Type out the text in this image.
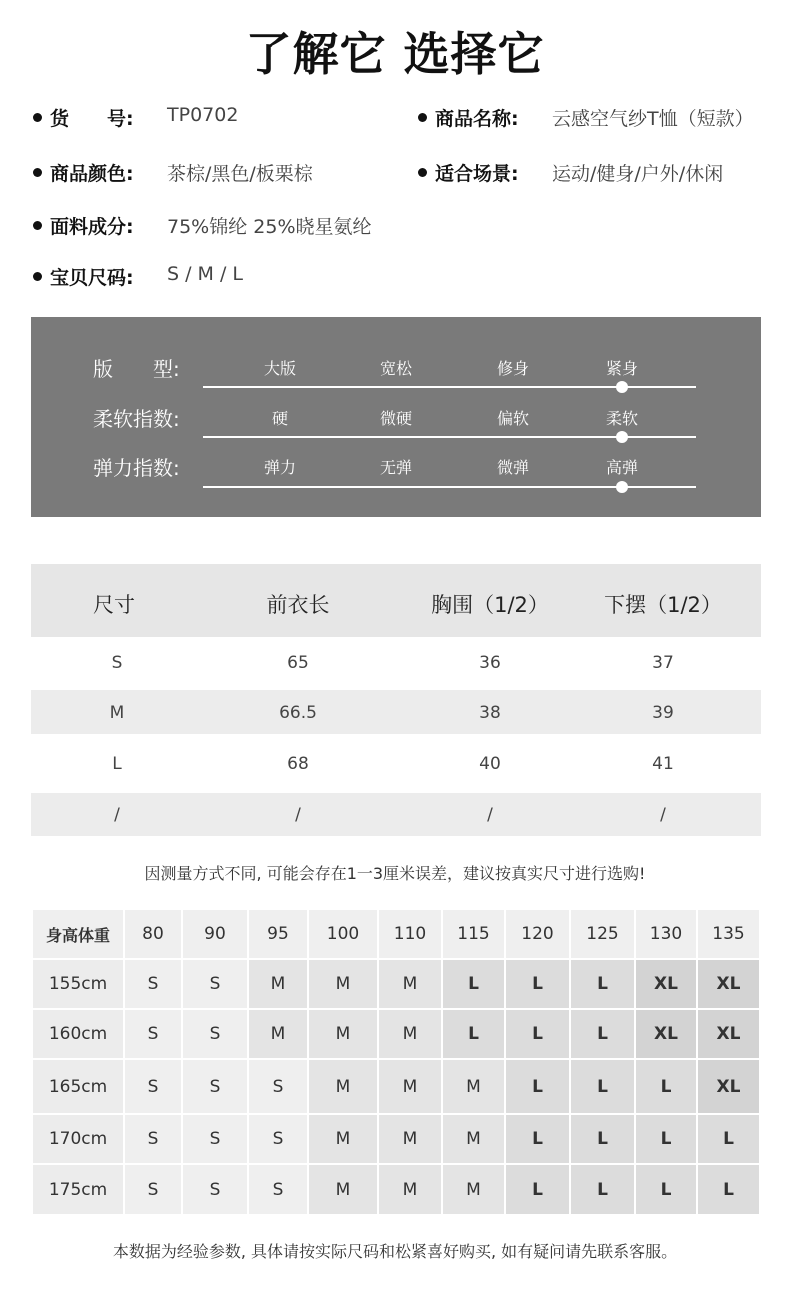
了解它 选择它
货　　号: TP0702	商品名称: 云感空气纱T恤（短款）
商品颜色: 茶棕/黑色/板栗棕	适合场景: 运动/健身/户外/休闲
面料成分: 75%锦纶 25%晓星氨纶
宝贝尺码: S / M / L
版　　型:	大版	宽松	修身	紧身
柔软指数:	硬	微硬	偏软	柔软
弹力指数:	弹力	无弹	微弹	高弹
尺寸	前衣长	胸围（1/2）	下摆（1/2）
S	65	36	37
M	66.5	38	39
L	68	40	41
/	/	/	/
因测量方式不同, 可能会存在1一3厘米误差，建议按真实尺寸进行选购!
身高体重	80	90	95	100	110	115	120	125	130	135
155cm	S	S	M	M	M	L	L	L	XL	XL
160cm	S	S	M	M	M	L	L	L	XL	XL
165cm	S	S	S	M	M	M	L	L	L	XL
170cm	S	S	S	M	M	M	L	L	L	L
175cm	S	S	S	M	M	M	L	L	L	L
本数据为经验参数, 具体请按实际尺码和松紧喜好购买, 如有疑问请先联系客服。
